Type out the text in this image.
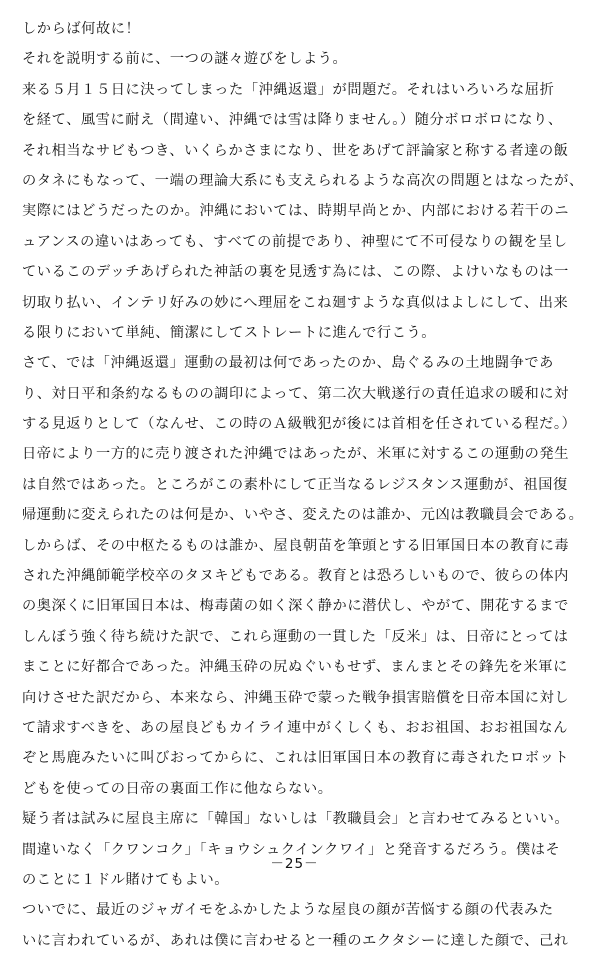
しからば何故に！
それを説明する前に、一つの謎々遊びをしよう。
来る５月１５日に決ってしまった「沖縄返還」が問題だ。それはいろいろな屈折
を経て、風雪に耐え（間違い、沖縄では雪は降りません。）随分ボロボロになり、
それ相当なサビもつき、いくらかさまになり、世をあげて評論家と称する者達の飯
のタネにもなって、一端の理論大系にも支えられるような高次の問題とはなったが、
実際にはどうだったのか。沖縄においては、時期早尚とか、内部における若干のニ
ュアンスの違いはあっても、すべての前提であり、神聖にて不可侵なりの観を呈し
ているこのデッチあげられた神話の裏を見透す為には、この際、よけいなものは一
切取り払い、インテリ好みの妙にへ理屈をこね廻すような真似はよしにして、出来
る限りにおいて単純、簡潔にしてストレートに進んで行こう。
さて、では「沖縄返還」運動の最初は何であったのか、島ぐるみの土地闘争であ
り、対日平和条約なるものの調印によって、第二次大戦遂行の責任追求の暖和に対
する見返りとして（なんせ、この時のＡ級戦犯が後には首相を任されている程だ。）
日帝により一方的に売り渡された沖縄ではあったが、米軍に対するこの運動の発生
は自然ではあった。ところがこの素朴にして正当なるレジスタンス運動が、祖国復
帰運動に変えられたのは何是か、いやさ、変えたのは誰か、元凶は教職員会である。
しからば、その中枢たるものは誰か、屋良朝苗を筆頭とする旧軍国日本の教育に毒
された沖縄師範学校卒のタヌキどもである。教育とは恐ろしいもので、彼らの体内
の奥深くに旧軍国日本は、梅毒菌の如く深く静かに潜伏し、やがて、開花するまで
しんぼう強く待ち続けた訳で、これら運動の一貫した「反米」は、日帝にとっては
まことに好都合であった。沖縄玉砕の尻ぬぐいもせず、まんまとその鋒先を米軍に
向けさせた訳だから、本来なら、沖縄玉砕で蒙った戦争損害賠償を日帝本国に対し
て請求すべきを、あの屋良どもカイライ連中がくしくも、おお祖国、おお祖国なん
ぞと馬鹿みたいに叫びおってからに、これは旧軍国日本の教育に毒されたロボット
どもを使っての日帝の裏面工作に他ならない。
疑う者は試みに屋良主席に「韓国」ないしは「教職員会」と言わせてみるといい。
間違いなく「クワンコク」「キョウシュクインクワイ」と発音するだろう。僕はそ
のことに１ドル賭けてもよい。
ついでに、最近のジャガイモをふかしたような屋良の顔が苦悩する顔の代表みた
いに言われているが、あれは僕に言わせると一種のエクタシーに達した顔で、己れ
－25－
